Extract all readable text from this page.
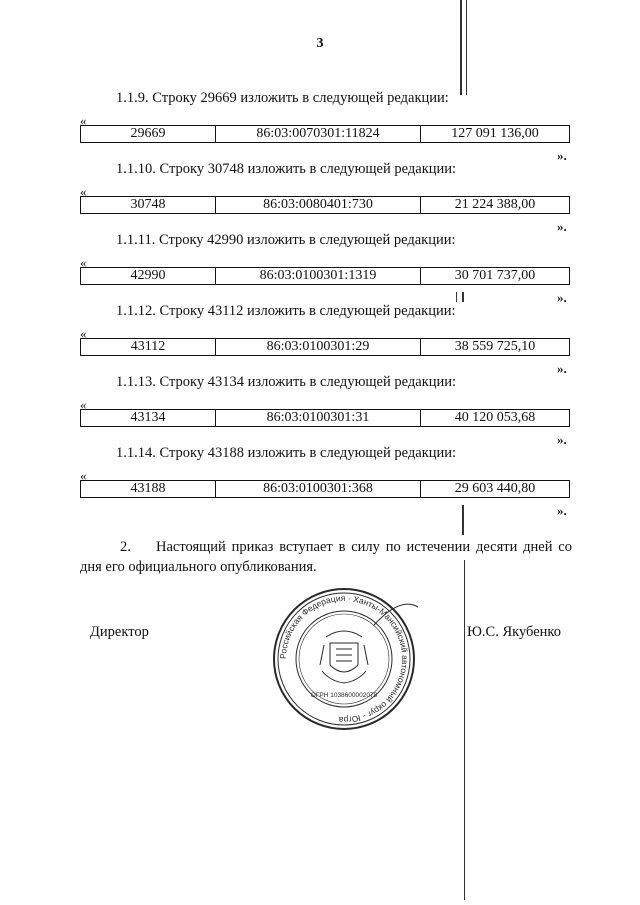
3
1.1.9. Строку 29669 изложить в следующей редакции:
«
29669	86:03:0070301:11824	127 091 136,00
».
1.1.10. Строку 30748 изложить в следующей редакции:
«
30748	86:03:0080401:730	21 224 388,00
».
1.1.11. Строку 42990 изложить в следующей редакции:
«
42990	86:03:0100301:1319	30 701 737,00
».
1.1.12. Строку 43112 изложить в следующей редакции:
«
43112	86:03:0100301:29	38 559 725,10
».
1.1.13. Строку 43134 изложить в следующей редакции:
«
43134	86:03:0100301:31	40 120 053,68
».
1.1.14. Строку 43188 изложить в следующей редакции:
«
43188	86:03:0100301:368	29 603 440,80
».
2. Настоящий приказ вступает в силу по истечении десяти дней со дня его официального опубликования.
Директор	Ю.С. Якубенко
Российская Федерация · Ханты-Мансийский автономный округ - Югра
ОГРН 1038600002078
